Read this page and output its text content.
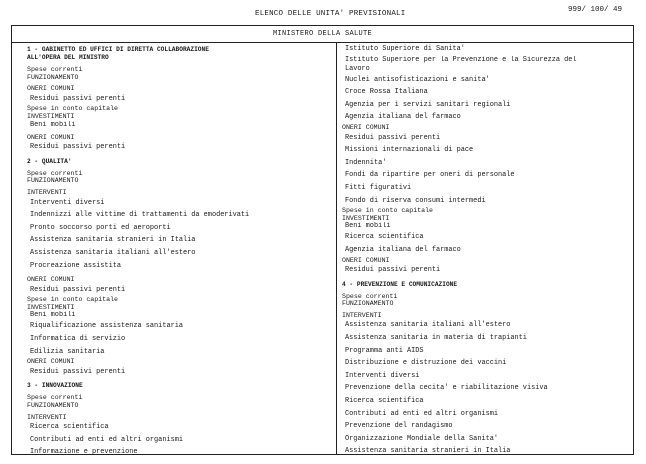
ELENCO DELLE UNITA' PREVISIONALI	999/ 100/ 49
MINISTERO DELLA SALUTE
1 - GABINETTO ED UFFICI DI DIRETTA COLLABORAZIONE
ALL'OPERA DEL MINISTRO
Spese correnti
FUNZIONAMENTO
ONERI COMUNI
Residui passivi perenti
Spese in conto capitale
INVESTIMENTI
Beni mobili
ONERI COMUNI
Residui passivi perenti
2 - QUALITA'
Spese correnti
FUNZIONAMENTO
INTERVENTI
Interventi diversi
Indennizzi alle vittime di trattamenti da emoderivati
Pronto soccorso porti ed aeroporti
Assistenza sanitaria stranieri in Italia
Assistenza sanitaria italiani all'estero
Procreazione assistita
ONERI COMUNI
Residui passivi perenti
Spese in conto capitale
INVESTIMENTI
Beni mobili
Riqualificazione assistenza sanitaria
Informatica di servizio
Edilizia sanitaria
ONERI COMUNI
Residui passivi perenti
3 - INNOVAZIONE
Spese correnti
FUNZIONAMENTO
INTERVENTI
Ricerca scientifica
Contributi ad enti ed altri organismi
Informazione e prevenzione
Istituto Superiore di Sanita'
Istituto Superiore per la Prevenzione e la Sicurezza del
Lavoro
Nuclei antisofisticazioni e sanita'
Croce Rossa Italiana
Agenzia per i servizi sanitari regionali
Agenzia italiana del farmaco
ONERI COMUNI
Residui passivi perenti
Missioni internazionali di pace
Indennita'
Fondi da ripartire per oneri di personale
Fitti figurativi
Fondo di riserva consumi intermedi
Spese in conto capitale
INVESTIMENTI
Beni mobili
Ricerca scientifica
Agenzia italiana del farmaco
ONERI COMUNI
Residui passivi perenti
4 - PREVENZIONE E COMUNICAZIONE
Spese correnti
FUNZIONAMENTO
INTERVENTI
Assistenza sanitaria italiani all'estero
Assistenza sanitaria in materia di trapianti
Programma anti AIDS
Distribuzione e distruzione dei vaccini
Interventi diversi
Prevenzione della cecita' e riabilitazione visiva
Ricerca scientifica
Contributi ad enti ed altri organismi
Prevenzione del randagismo
Organizzazione Mondiale della Sanita'
Assistenza sanitaria stranieri in Italia
